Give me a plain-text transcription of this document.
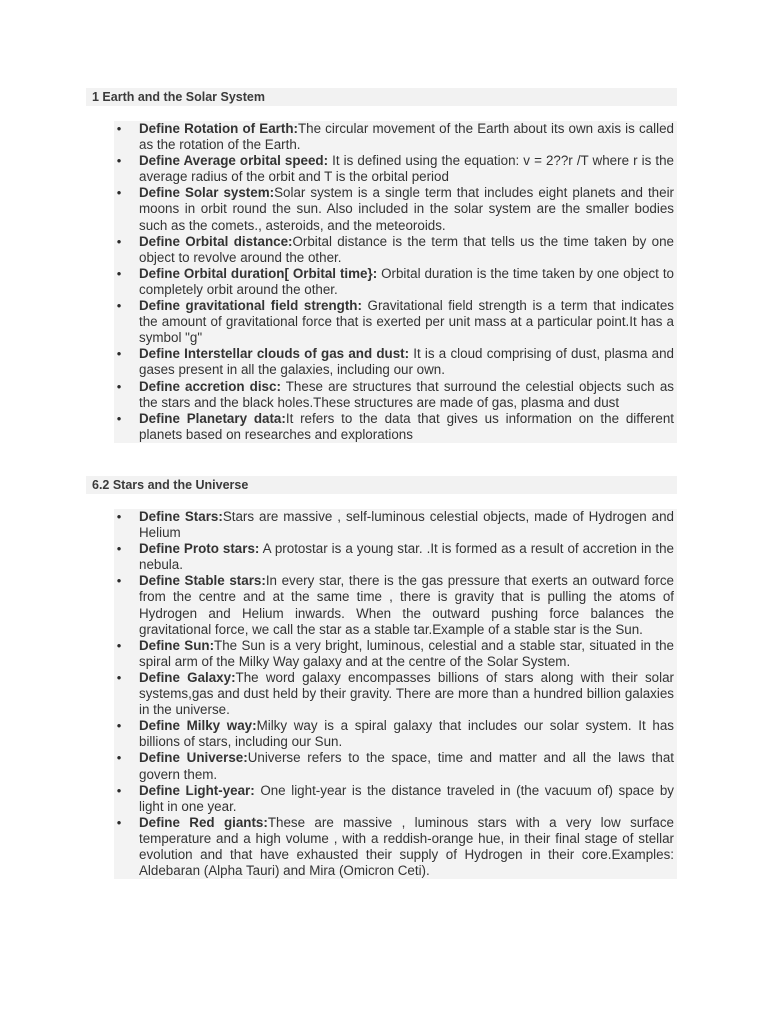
1 Earth and the Solar System
• Define Rotation of Earth:The circular movement of the Earth about its own axis is called as the rotation of the Earth.
• Define Average orbital speed: It is defined using the equation: v = 2??r /T where r is the average radius of the orbit and T is the orbital period
• Define Solar system:Solar system is a single term that includes eight planets and their moons in orbit round the sun. Also included in the solar system are the smaller bodies such as the comets., asteroids, and the meteoroids.
• Define Orbital distance:Orbital distance is the term that tells us the time taken by one object to revolve around the other.
• Define Orbital duration[ Orbital time}: Orbital duration is the time taken by one object to completely orbit around the other.
• Define gravitational field strength: Gravitational field strength is a term that indicates the amount of gravitational force that is exerted per unit mass at a particular point.It has a symbol "g"
• Define Interstellar clouds of gas and dust: It is a cloud comprising of dust, plasma and gases present in all the galaxies, including our own.
• Define accretion disc: These are structures that surround the celestial objects such as the stars and the black holes.These structures are made of gas, plasma and dust
• Define Planetary data:It refers to the data that gives us information on the different planets based on researches and explorations
6.2 Stars and the Universe
• Define Stars:Stars are massive , self-luminous celestial objects, made of Hydrogen and Helium
• Define Proto stars: A protostar is a young star. .It is formed as a result of accretion in the nebula.
• Define Stable stars:In every star, there is the gas pressure that exerts an outward force from the centre and at the same time , there is gravity that is pulling the atoms of Hydrogen and Helium inwards. When the outward pushing force balances the gravitational force, we call the star as a stable tar.Example of a stable star is the Sun.
• Define Sun:The Sun is a very bright, luminous, celestial and a stable star, situated in the spiral arm of the Milky Way galaxy and at the centre of the Solar System.
• Define Galaxy:The word galaxy encompasses billions of stars along with their solar systems,gas and dust held by their gravity. There are more than a hundred billion galaxies in the universe.
• Define Milky way:Milky way is a spiral galaxy that includes our solar system. It has billions of stars, including our Sun.
• Define Universe:Universe refers to the space, time and matter and all the laws that govern them.
• Define Light-year: One light-year is the distance traveled in (the vacuum of) space by light in one year.
• Define Red giants:These are massive , luminous stars with a very low surface temperature and a high volume , with a reddish-orange hue, in their final stage of stellar evolution and that have exhausted their supply of Hydrogen in their core.Examples: Aldebaran (Alpha Tauri) and Mira (Omicron Ceti).
